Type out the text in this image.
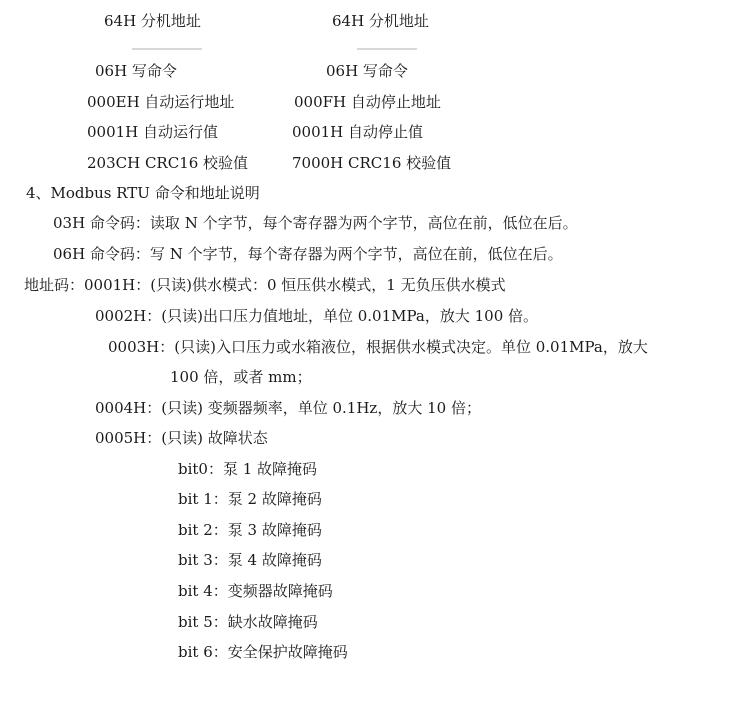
64H 分机地址	64H 分机地址
06H 写命令	06H 写命令
000EH 自动运行地址	000FH 自动停止地址
0001H 自动运行值	0001H 自动停止值
203CH CRC16 校验值	7000H CRC16 校验值
4、Modbus RTU 命令和地址说明
03H 命令码：读取 N 个字节，每个寄存器为两个字节，高位在前，低位在后。
06H 命令码：写 N 个字节，每个寄存器为两个字节，高位在前，低位在后。
地址码：0001H：(只读)供水模式：0 恒压供水模式，1 无负压供水模式
0002H：(只读)出口压力值地址，单位 0.01MPa，放大 100 倍。
0003H：(只读)入口压力或水箱液位，根据供水模式决定。单位 0.01MPa，放大
100 倍，或者 mm；
0004H：(只读) 变频器频率，单位 0.1Hz，放大 10 倍；
0005H：(只读) 故障状态
bit0：泵 1 故障掩码
bit 1：泵 2 故障掩码
bit 2：泵 3 故障掩码
bit 3：泵 4 故障掩码
bit 4：变频器故障掩码
bit 5：缺水故障掩码
bit 6：安全保护故障掩码
